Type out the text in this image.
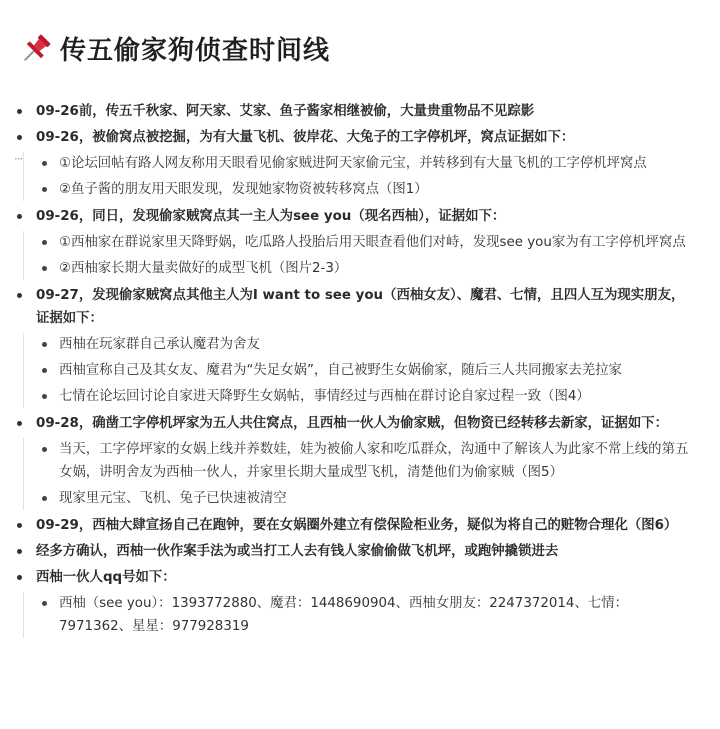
传五偷家狗侦查时间线
09-26前，传五千秋家、阿天家、艾家、鱼子酱家相继被偷，大量贵重物品不见踪影
09-26，被偷窝点被挖掘，为有大量飞机、彼岸花、大兔子的工字停机坪，窝点证据如下：
①论坛回帖有路人网友称用天眼看见偷家贼进阿天家偷元宝，并转移到有大量飞机的工字停机坪窝点
②鱼子酱的朋友用天眼发现，发现她家物资被转移窝点（图1）
···
09-26，同日，发现偷家贼窝点其一主人为see you（现名西柚），证据如下：
①西柚家在群说家里天降野娲，吃瓜路人投胎后用天眼查看他们对峙，发现see you家为有工字停机坪窝点
②西柚家长期大量卖做好的成型飞机（图片2-3）
09-27，发现偷家贼窝点其他主人为I want to see you（西柚女友）、魔君、七情，且四人互为现实朋友，证据如下：
西柚在玩家群自己承认魔君为舍友
西柚宣称自己及其女友、魔君为“失足女娲”，自己被野生女娲偷家，随后三人共同搬家去羌拉家
七情在论坛回讨论自家进天降野生女娲帖，事情经过与西柚在群讨论自家过程一致（图4）
09-28，确凿工字停机坪家为五人共住窝点，且西柚一伙人为偷家贼，但物资已经转移去新家，证据如下：
当天，工字停坪家的女娲上线并养数娃，娃为被偷人家和吃瓜群众，沟通中了解该人为此家不常上线的第五女娲，讲明舍友为西柚一伙人，并家里长期大量成型飞机，清楚他们为偷家贼（图5）
现家里元宝、飞机、兔子已快速被清空
09-29，西柚大肆宣扬自己在跑钟，要在女娲圈外建立有偿保险柜业务，疑似为将自己的赃物合理化（图6）
经多方确认，西柚一伙作案手法为或当打工人去有钱人家偷偷做飞机坪，或跑钟撬锁进去
西柚一伙人qq号如下：
西柚（see you）：1393772880、魔君：1448690904、西柚女朋友：2247372014、七情：7971362、星星：977928319
